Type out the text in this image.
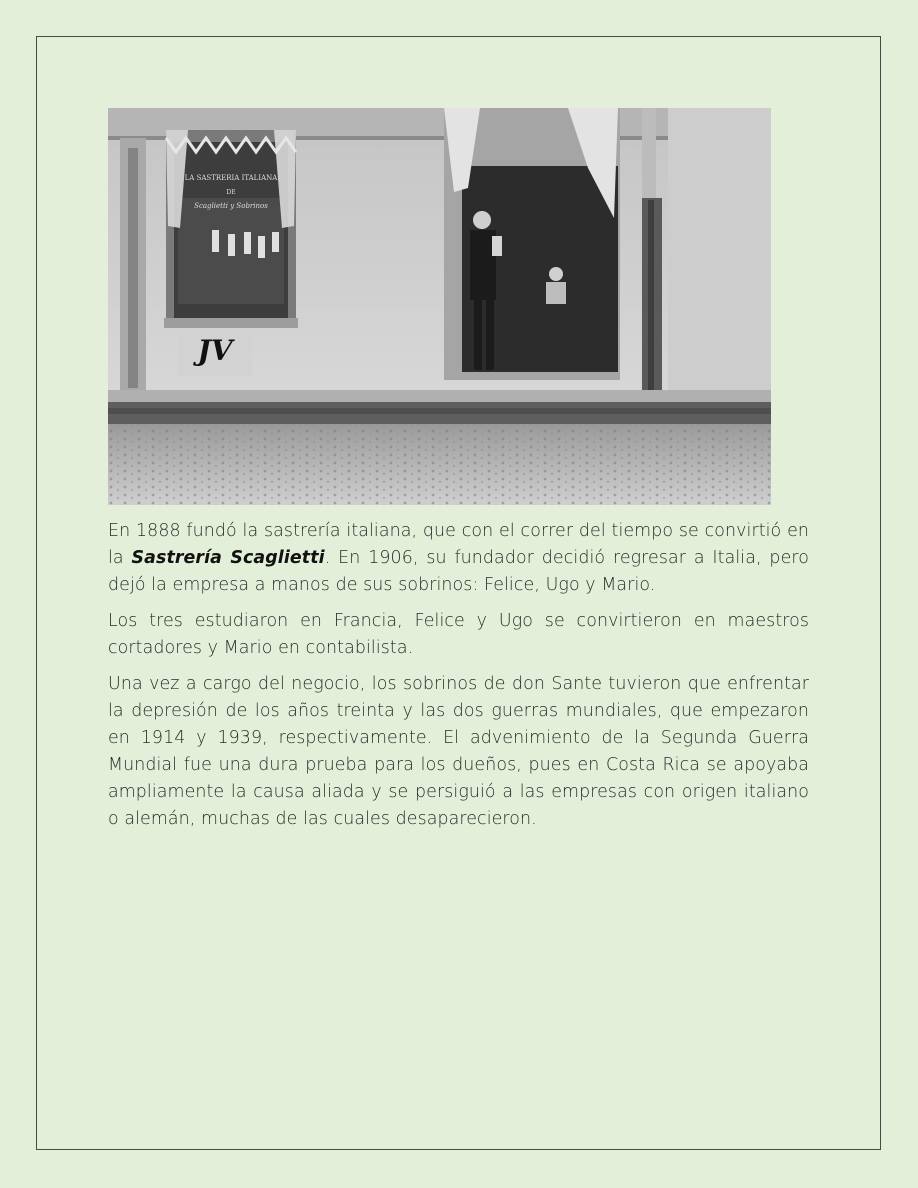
LA SASTRERIA ITALIANA
DE
Scaglietti y Sobrinos
JV

En 1888 fundó la sastrería italiana, que con el correr del tiempo se convirtió en la Sastrería Scaglietti. En 1906, su fundador decidió regresar a Italia, pero dejó la empresa a manos de sus sobrinos: Felice, Ugo y Mario.

Los tres estudiaron en Francia, Felice y Ugo se convirtieron en maestros cortadores y Mario en contabilista.

Una vez a cargo del negocio, los sobrinos de don Sante tuvieron que enfrentar la depresión de los años treinta y las dos guerras mundiales, que empezaron en 1914 y 1939, respectivamente. El advenimiento de la Segunda Guerra Mundial fue una dura prueba para los dueños, pues en Costa Rica se apoyaba ampliamente la causa aliada y se persiguió a las empresas con origen italiano o alemán, muchas de las cuales desaparecieron.
